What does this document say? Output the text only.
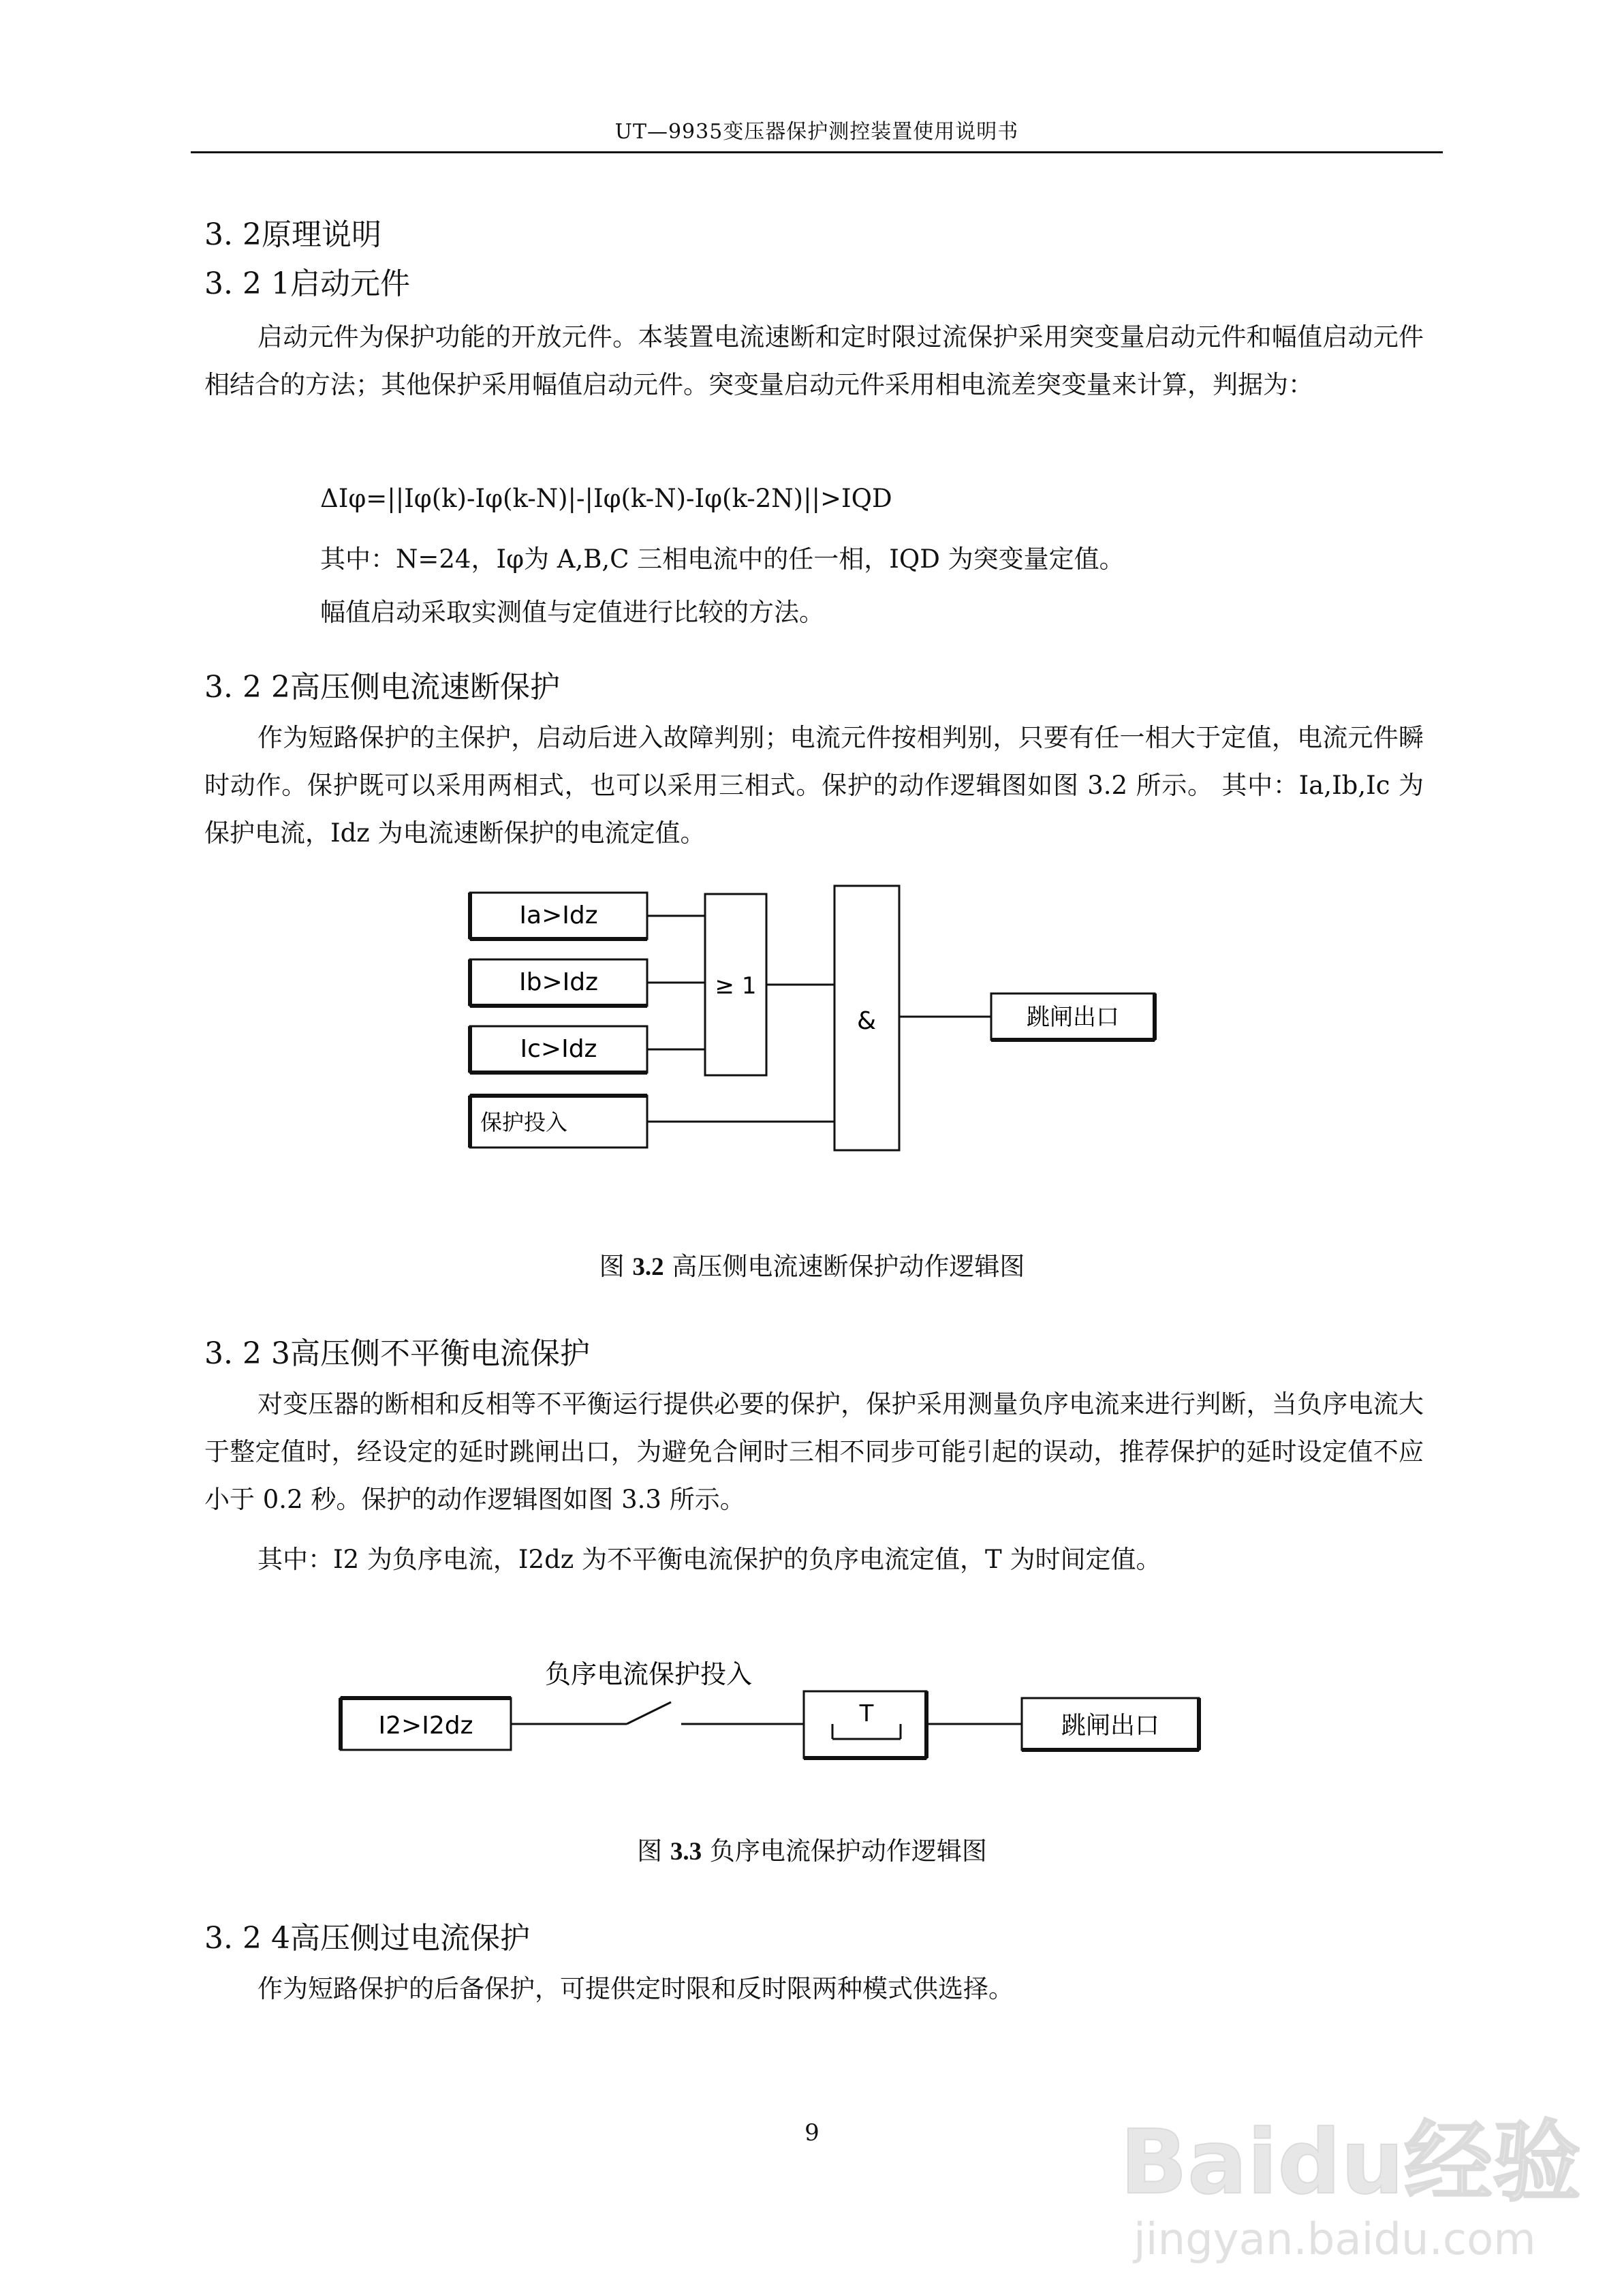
UT—9935变压器保护测控装置使用说明书
3. 2原理说明
3. 2 1启动元件
启动元件为保护功能的开放元件。本装置电流速断和定时限过流保护采用突变量启动元件和幅值启动元件相结合的方法；其他保护采用幅值启动元件。突变量启动元件采用相电流差突变量来计算，判据为：
ΔIφ=||Iφ(k)-Iφ(k-N)|-|Iφ(k-N)-Iφ(k-2N)||>IQD
其中：N=24，Iφ为 A,B,C 三相电流中的任一相，IQD 为突变量定值。
幅值启动采取实测值与定值进行比较的方法。
3. 2 2高压侧电流速断保护
作为短路保护的主保护，启动后进入故障判别；电流元件按相判别，只要有任一相大于定值，电流元件瞬时动作。保护既可以采用两相式，也可以采用三相式。保护的动作逻辑图如图 3.2 所示。 其中：Ia,Ib,Ic 为保护电流，Idz 为电流速断保护的电流定值。
Ia>Idz
Ib>Idz
Ic>Idz
保护投入
≥ 1
&	跳闸出口
图 3.2 高压侧电流速断保护动作逻辑图
3. 2 3高压侧不平衡电流保护
对变压器的断相和反相等不平衡运行提供必要的保护，保护采用测量负序电流来进行判断，当负序电流大于整定值时，经设定的延时跳闸出口，为避免合闸时三相不同步可能引起的误动，推荐保护的延时设定值不应小于 0.2 秒。保护的动作逻辑图如图 3.3 所示。
其中：I2 为负序电流，I2dz 为不平衡电流保护的负序电流定值，T 为时间定值。
I2>I2dz
负序电流保护投入
T	跳闸出口
图 3.3 负序电流保护动作逻辑图
3. 2 4高压侧过电流保护
作为短路保护的后备保护，可提供定时限和反时限两种模式供选择。
9	Baidu经验
jingyan.baidu.com
